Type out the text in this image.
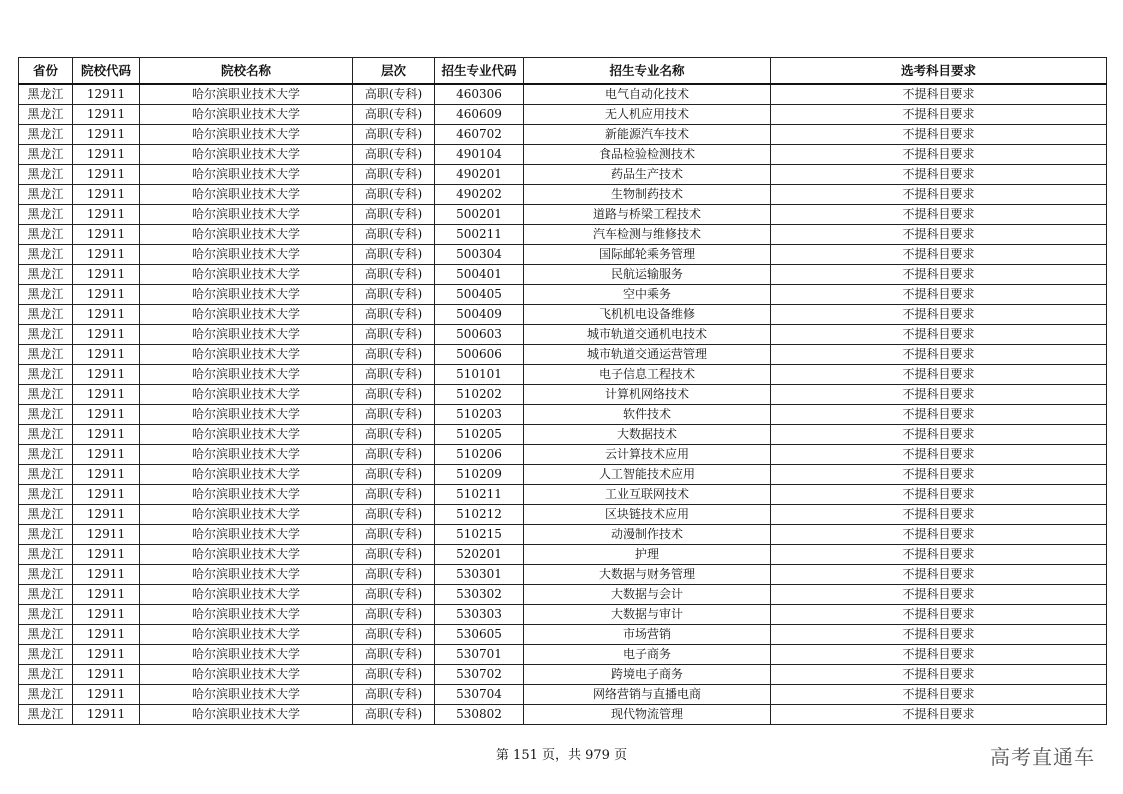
省份	院校代码	院校名称	层次	招生专业代码	招生专业名称	选考科目要求
黑龙江	12911	哈尔滨职业技术大学	高职(专科)	460306	电气自动化技术	不提科目要求
黑龙江	12911	哈尔滨职业技术大学	高职(专科)	460609	无人机应用技术	不提科目要求
黑龙江	12911	哈尔滨职业技术大学	高职(专科)	460702	新能源汽车技术	不提科目要求
黑龙江	12911	哈尔滨职业技术大学	高职(专科)	490104	食品检验检测技术	不提科目要求
黑龙江	12911	哈尔滨职业技术大学	高职(专科)	490201	药品生产技术	不提科目要求
黑龙江	12911	哈尔滨职业技术大学	高职(专科)	490202	生物制药技术	不提科目要求
黑龙江	12911	哈尔滨职业技术大学	高职(专科)	500201	道路与桥梁工程技术	不提科目要求
黑龙江	12911	哈尔滨职业技术大学	高职(专科)	500211	汽车检测与维修技术	不提科目要求
黑龙江	12911	哈尔滨职业技术大学	高职(专科)	500304	国际邮轮乘务管理	不提科目要求
黑龙江	12911	哈尔滨职业技术大学	高职(专科)	500401	民航运输服务	不提科目要求
黑龙江	12911	哈尔滨职业技术大学	高职(专科)	500405	空中乘务	不提科目要求
黑龙江	12911	哈尔滨职业技术大学	高职(专科)	500409	飞机机电设备维修	不提科目要求
黑龙江	12911	哈尔滨职业技术大学	高职(专科)	500603	城市轨道交通机电技术	不提科目要求
黑龙江	12911	哈尔滨职业技术大学	高职(专科)	500606	城市轨道交通运营管理	不提科目要求
黑龙江	12911	哈尔滨职业技术大学	高职(专科)	510101	电子信息工程技术	不提科目要求
黑龙江	12911	哈尔滨职业技术大学	高职(专科)	510202	计算机网络技术	不提科目要求
黑龙江	12911	哈尔滨职业技术大学	高职(专科)	510203	软件技术	不提科目要求
黑龙江	12911	哈尔滨职业技术大学	高职(专科)	510205	大数据技术	不提科目要求
黑龙江	12911	哈尔滨职业技术大学	高职(专科)	510206	云计算技术应用	不提科目要求
黑龙江	12911	哈尔滨职业技术大学	高职(专科)	510209	人工智能技术应用	不提科目要求
黑龙江	12911	哈尔滨职业技术大学	高职(专科)	510211	工业互联网技术	不提科目要求
黑龙江	12911	哈尔滨职业技术大学	高职(专科)	510212	区块链技术应用	不提科目要求
黑龙江	12911	哈尔滨职业技术大学	高职(专科)	510215	动漫制作技术	不提科目要求
黑龙江	12911	哈尔滨职业技术大学	高职(专科)	520201	护理	不提科目要求
黑龙江	12911	哈尔滨职业技术大学	高职(专科)	530301	大数据与财务管理	不提科目要求
黑龙江	12911	哈尔滨职业技术大学	高职(专科)	530302	大数据与会计	不提科目要求
黑龙江	12911	哈尔滨职业技术大学	高职(专科)	530303	大数据与审计	不提科目要求
黑龙江	12911	哈尔滨职业技术大学	高职(专科)	530605	市场营销	不提科目要求
黑龙江	12911	哈尔滨职业技术大学	高职(专科)	530701	电子商务	不提科目要求
黑龙江	12911	哈尔滨职业技术大学	高职(专科)	530702	跨境电子商务	不提科目要求
黑龙江	12911	哈尔滨职业技术大学	高职(专科)	530704	网络营销与直播电商	不提科目要求
黑龙江	12911	哈尔滨职业技术大学	高职(专科)	530802	现代物流管理	不提科目要求
第 151 页，共 979 页	高考直通车
